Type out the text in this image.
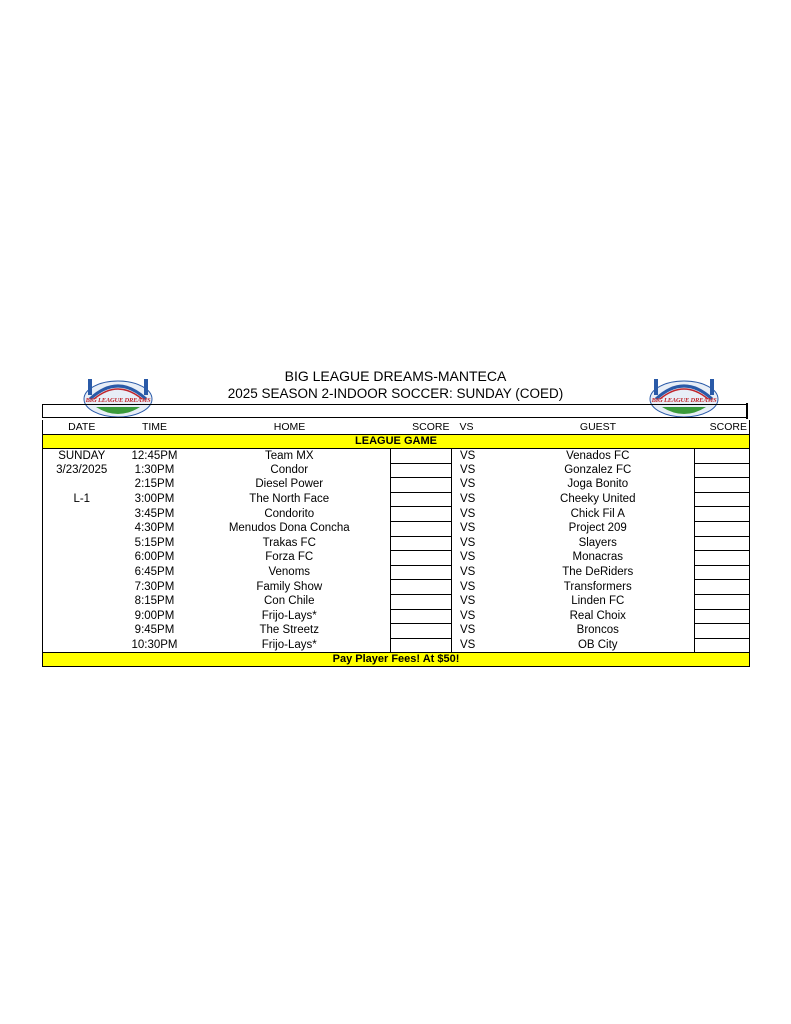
BIG LEAGUE DREAMS	BIG LEAGUE DREAMS
BIG LEAGUE DREAMS-MANTECA
2025 SEASON 2-INDOOR SOCCER: SUNDAY (COED)
DATE	TIME	HOME	SCORE	VS	GUEST	SCORE
LEAGUE GAME						
SUNDAY	12:45PM	Team MX		VS	Venados FC	
3/23/2025	1:30PM	Condor		VS	Gonzalez FC	
	2:15PM	Diesel Power		VS	Joga Bonito	
L-1	3:00PM	The North Face		VS	Cheeky United	
	3:45PM	Condorito		VS	Chick Fil A	
	4:30PM	Menudos Dona Concha		VS	Project 209	
	5:15PM	Trakas FC		VS	Slayers	
	6:00PM	Forza FC		VS	Monacras	
	6:45PM	Venoms		VS	The DeRiders	
	7:30PM	Family Show		VS	Transformers	
	8:15PM	Con Chile		VS	Linden FC	
	9:00PM	Frijo-Lays*		VS	Real Choix	
	9:45PM	The Streetz		VS	Broncos	
	10:30PM	Frijo-Lays*		VS	OB City	
Pay Player Fees! At $50!						
